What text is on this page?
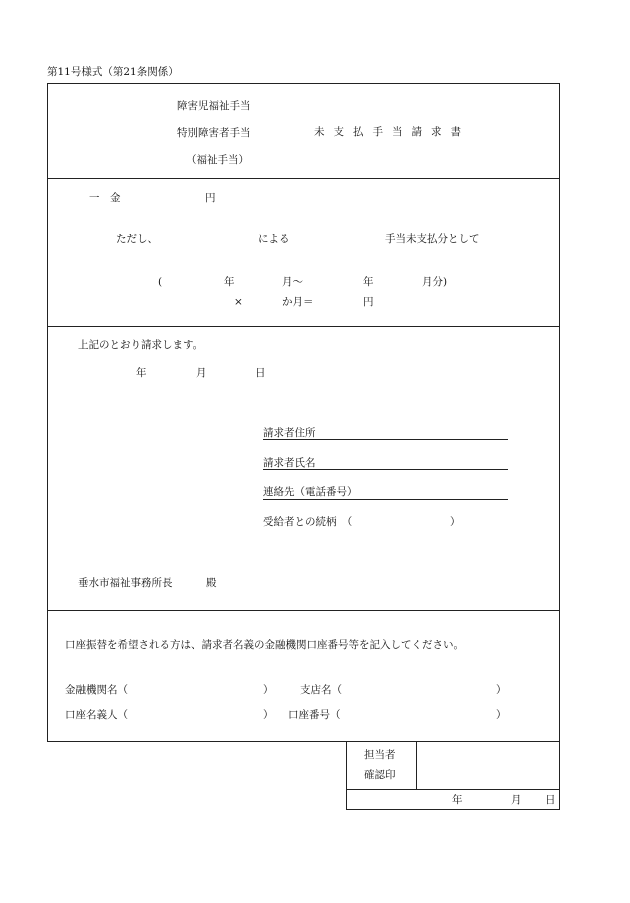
第11号様式（第21条関係）
障害児福祉手当
特別障害者手当
（福祉手当）
未支払手当請求書
一　金	円
ただし、	による	手当未支払分として
(	年	月～	年	月分)
×	か月＝	円
上記のとおり請求します。
年	月	日
請求者住所
請求者氏名
連絡先（電話番号）
受給者との続柄　（	）
垂水市福祉事務所長	殿
口座振替を希望される方は、請求者名義の金融機関口座番号等を記入してください。
金融機関名（	）	支店名（	）
口座名義人（	） 口座番号（	）
担当者
確認印
年	月 日
